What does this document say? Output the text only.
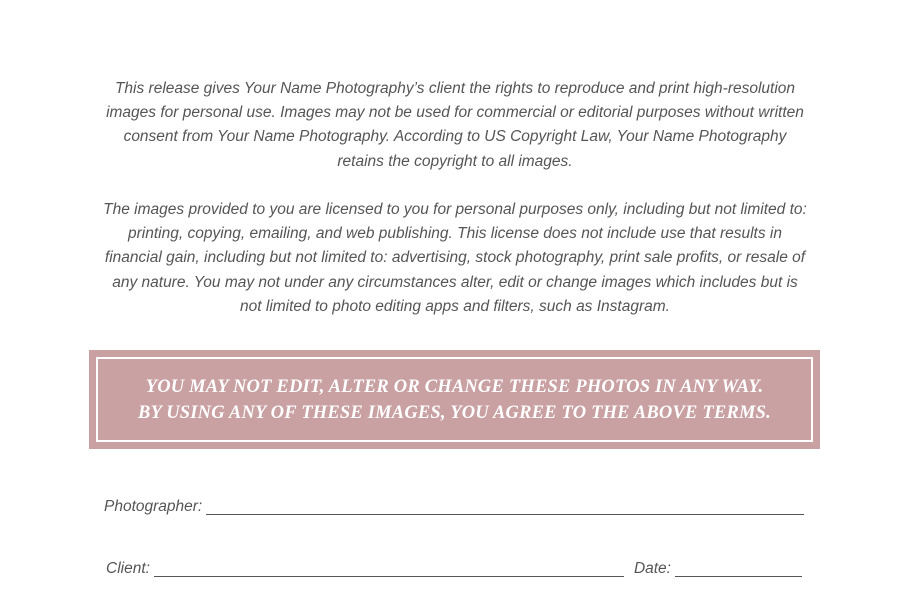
This release gives Your Name Photography’s client the rights to reproduce and print high-resolution images for personal use. Images may not be used for commercial or editorial purposes without written consent from Your Name Photography. According to US Copyright Law, Your Name Photography retains the copyright to all images.

The images provided to you are licensed to you for personal purposes only, including but not limited to: printing, copying, emailing, and web publishing. This license does not include use that results in financial gain, including but not limited to: advertising, stock photography, print sale profits, or resale of any nature. You may not under any circumstances alter, edit or change images which includes but is not limited to photo editing apps and filters, such as Instagram.

YOU MAY NOT EDIT, ALTER OR CHANGE THESE PHOTOS IN ANY WAY.
BY USING ANY OF THESE IMAGES, YOU AGREE TO THE ABOVE TERMS.
Photographer:
Client:	Date:
